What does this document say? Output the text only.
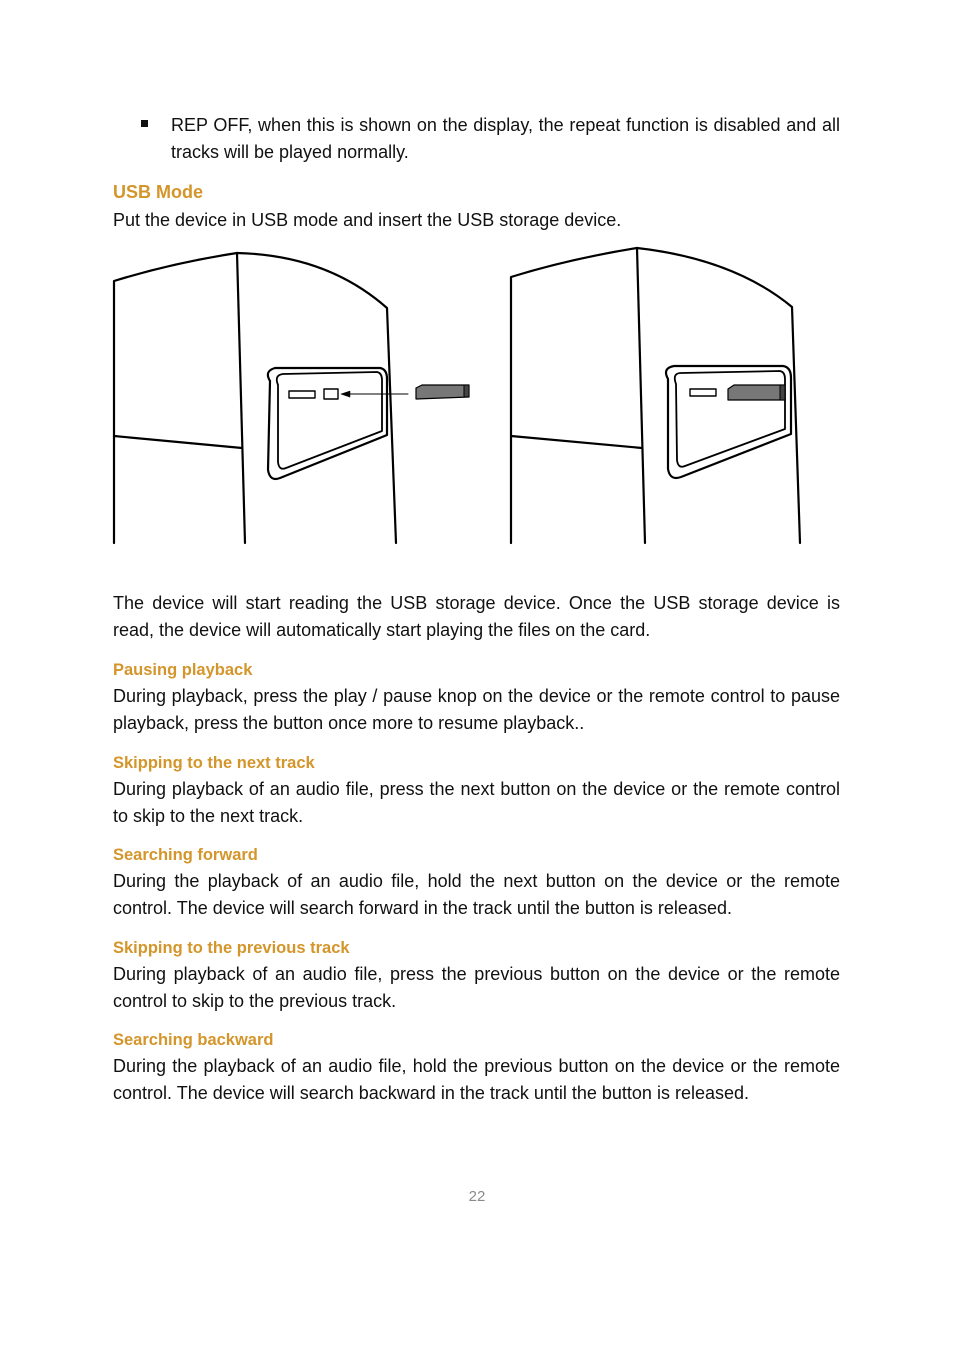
REP OFF, when this is shown on the display, the repeat function is disabled and all tracks will be played normally.

USB Mode

Put the device in USB mode and insert the USB storage device.

The device will start reading the USB storage device. Once the USB storage device is read, the device will automatically start playing the files on the card.

Pausing playback

During playback, press the play / pause knop on the device or the remote control to pause playback, press the button once more to resume playback..

Skipping to the next track

During playback of an audio file, press the next button on the device or the remote control to skip to the next track.

Searching forward

During the playback of an audio file, hold the next button on the device or the remote control. The device will search forward in the track until the button is released.

Skipping to the previous track

During playback of an audio file, press the previous button on the device or the remote control to skip to the previous track.

Searching backward

During the playback of an audio file, hold the previous button on the device or the remote control. The device will search backward in the track until the button is released.

22
